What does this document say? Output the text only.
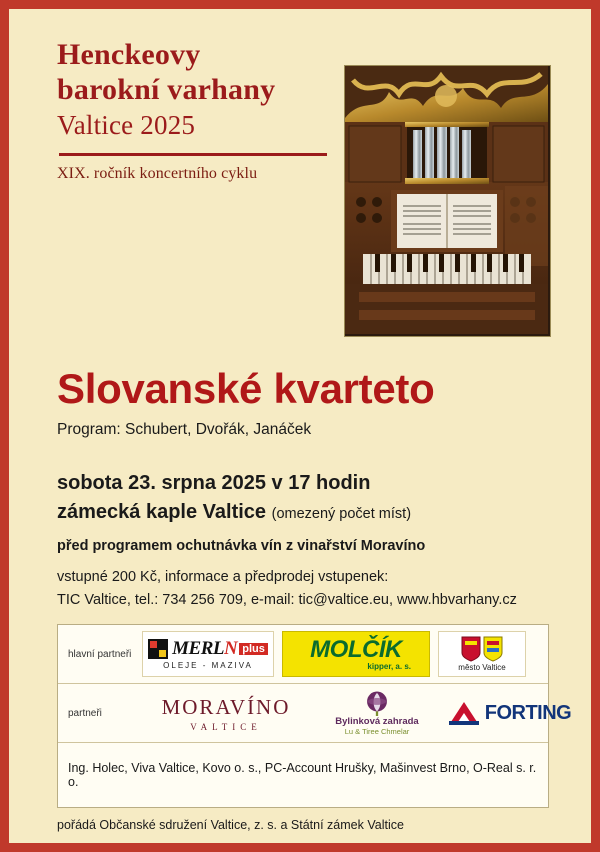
Henckeovy
barokní varhany
Valtice 2025
XIX. ročník koncertního cyklu
Slovanské kvarteto
Program: Schubert, Dvořák, Janáček
sobota 23. srpna 2025 v 17 hodin
zámecká kaple Valtice (omezený počet míst)
před programem ochutnávka vín z vinařství Moravíno
vstupné 200 Kč, informace a předprodej vstupenek:
TIC Valtice, tel.: 734 256 709, e-mail: tic@valtice.eu, www.hbvarhany.cz
hlavní partneři	MERLN plus
OLEJE - MAZIVA
MOLČÍK
kipper, a. s.	město Valtice
partneři	MORAVÍNO
VALTICE	Bylinková zahrada
Lu & Tiree Chmelar
FORTING
Ing. Holec, Viva Valtice, Kovo o. s., PC-Account Hrušky, Mašinvest Brno, O-Real s. r. o.
pořádá Občanské sdružení Valtice, z. s. a Státní zámek Valtice
